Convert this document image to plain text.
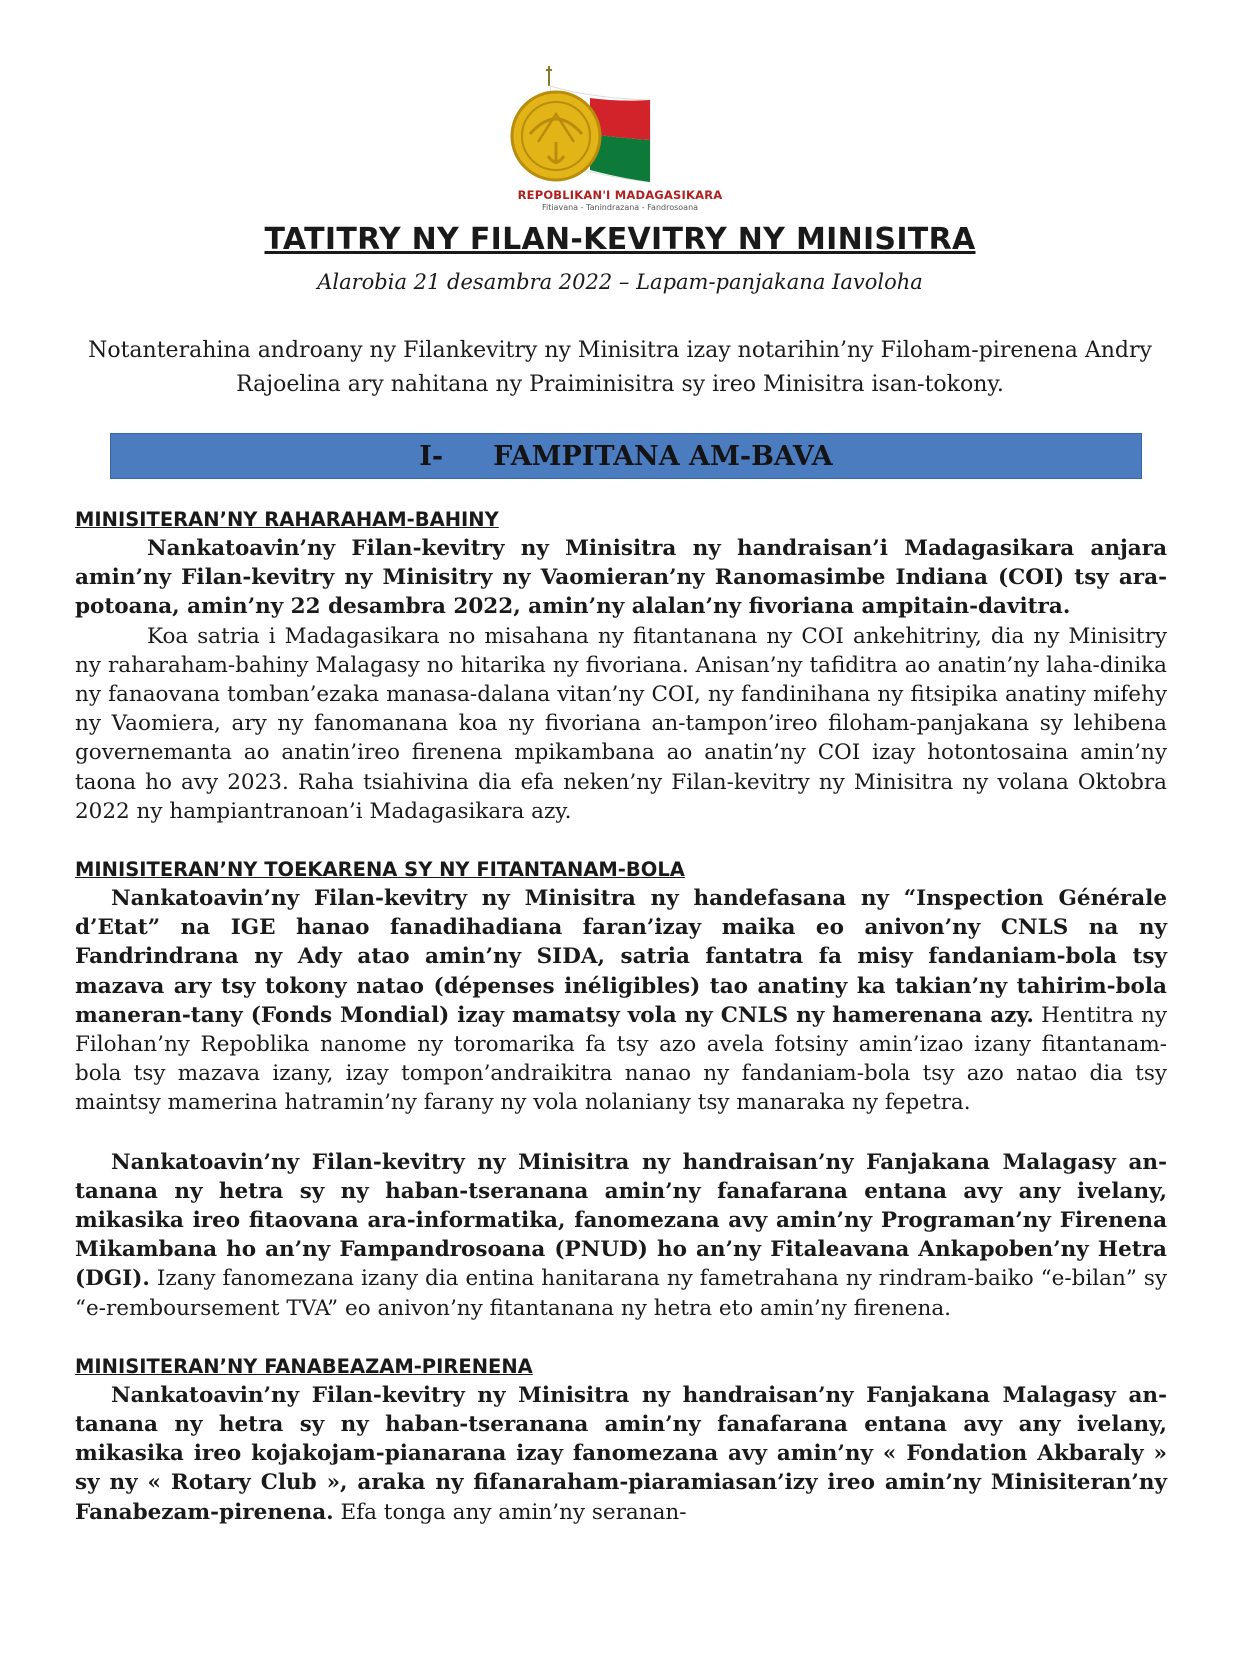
REPOBLIKAN'I MADAGASIKARA
Fitiavana - Tanindrazana - Fandrosoana
TATITRY NY FILAN-KEVITRY NY MINISITRA
Alarobia 21 desambra 2022 – Lapam-panjakana Iavoloha
Notanterahina androany ny Filankevitry ny Minisitra izay notarihin’ny Filoham-pirenena Andry Rajoelina ary nahitana ny Praiminisitra sy ireo Minisitra isan-tokony.
I- FAMPITANA AM-BAVA
MINISITERAN’NY RAHARAHAM-BAHINY

Nankatoavin’ny Filan-kevitry ny Minisitra ny handraisan’i Madagasikara anjara amin’ny Filan-kevitry ny Minisitry ny Vaomieran’ny Ranomasimbe Indiana (COI) tsy ara-potoana, amin’ny 22 desambra 2022, amin’ny alalan’ny fivoriana ampitain-davitra.

Koa satria i Madagasikara no misahana ny fitantanana ny COI ankehitriny, dia ny Minisitry ny raharaham-bahiny Malagasy no hitarika ny fivoriana. Anisan’ny tafiditra ao anatin’ny laha-dinika ny fanaovana tomban’ezaka manasa-dalana vitan’ny COI, ny fandinihana ny fitsipika anatiny mifehy ny Vaomiera, ary ny fanomanana koa ny fivoriana an-tampon’ireo filoham-panjakana sy lehibena governemanta ao anatin’ireo firenena mpikambana ao anatin’ny COI izay hotontosaina amin’ny taona ho avy 2023. Raha tsiahivina dia efa neken’ny Filan-kevitry ny Minisitra ny volana Oktobra 2022 ny hampiantranoan’i Madagasikara azy.

MINISITERAN’NY TOEKARENA SY NY FITANTANAM-BOLA

Nankatoavin’ny Filan-kevitry ny Minisitra ny handefasana ny “Inspection Générale d’Etat” na IGE hanao fanadihadiana faran’izay maika eo anivon’ny CNLS na ny Fandrindrana ny Ady atao amin’ny SIDA, satria fantatra fa misy fandaniam-bola tsy mazava ary tsy tokony natao (dépenses inéligibles) tao anatiny ka takian’ny tahirim-bola maneran-tany (Fonds Mondial) izay mamatsy vola ny CNLS ny hamerenana azy. Hentitra ny Filohan’ny Repoblika nanome ny toromarika fa tsy azo avela fotsiny amin’izao izany fitantanam-bola tsy mazava izany, izay tompon’andraikitra nanao ny fandaniam-bola tsy azo natao dia tsy maintsy mamerina hatramin’ny farany ny vola nolaniany tsy manaraka ny fepetra.

Nankatoavin’ny Filan-kevitry ny Minisitra ny handraisan’ny Fanjakana Malagasy an-tanana ny hetra sy ny haban-tseranana amin’ny fanafarana entana avy any ivelany, mikasika ireo fitaovana ara-informatika, fanomezana avy amin’ny Programan’ny Firenena Mikambana ho an’ny Fampandrosoana (PNUD) ho an’ny Fitaleavana Ankapoben’ny Hetra (DGI). Izany fanomezana izany dia entina hanitarana ny fametrahana ny rindram-baiko “e-bilan” sy “e-remboursement TVA” eo anivon’ny fitantanana ny hetra eto amin’ny firenena.

MINISITERAN’NY FANABEAZAM-PIRENENA

Nankatoavin’ny Filan-kevitry ny Minisitra ny handraisan’ny Fanjakana Malagasy an-tanana ny hetra sy ny haban-tseranana amin’ny fanafarana entana avy any ivelany, mikasika ireo kojakojam-pianarana izay fanomezana avy amin’ny « Fondation Akbaraly » sy ny « Rotary Club », araka ny fifanaraham-piaramiasan’izy ireo amin’ny Minisiteran’ny Fanabezam-pirenena. Efa tonga any amin’ny seranan-
